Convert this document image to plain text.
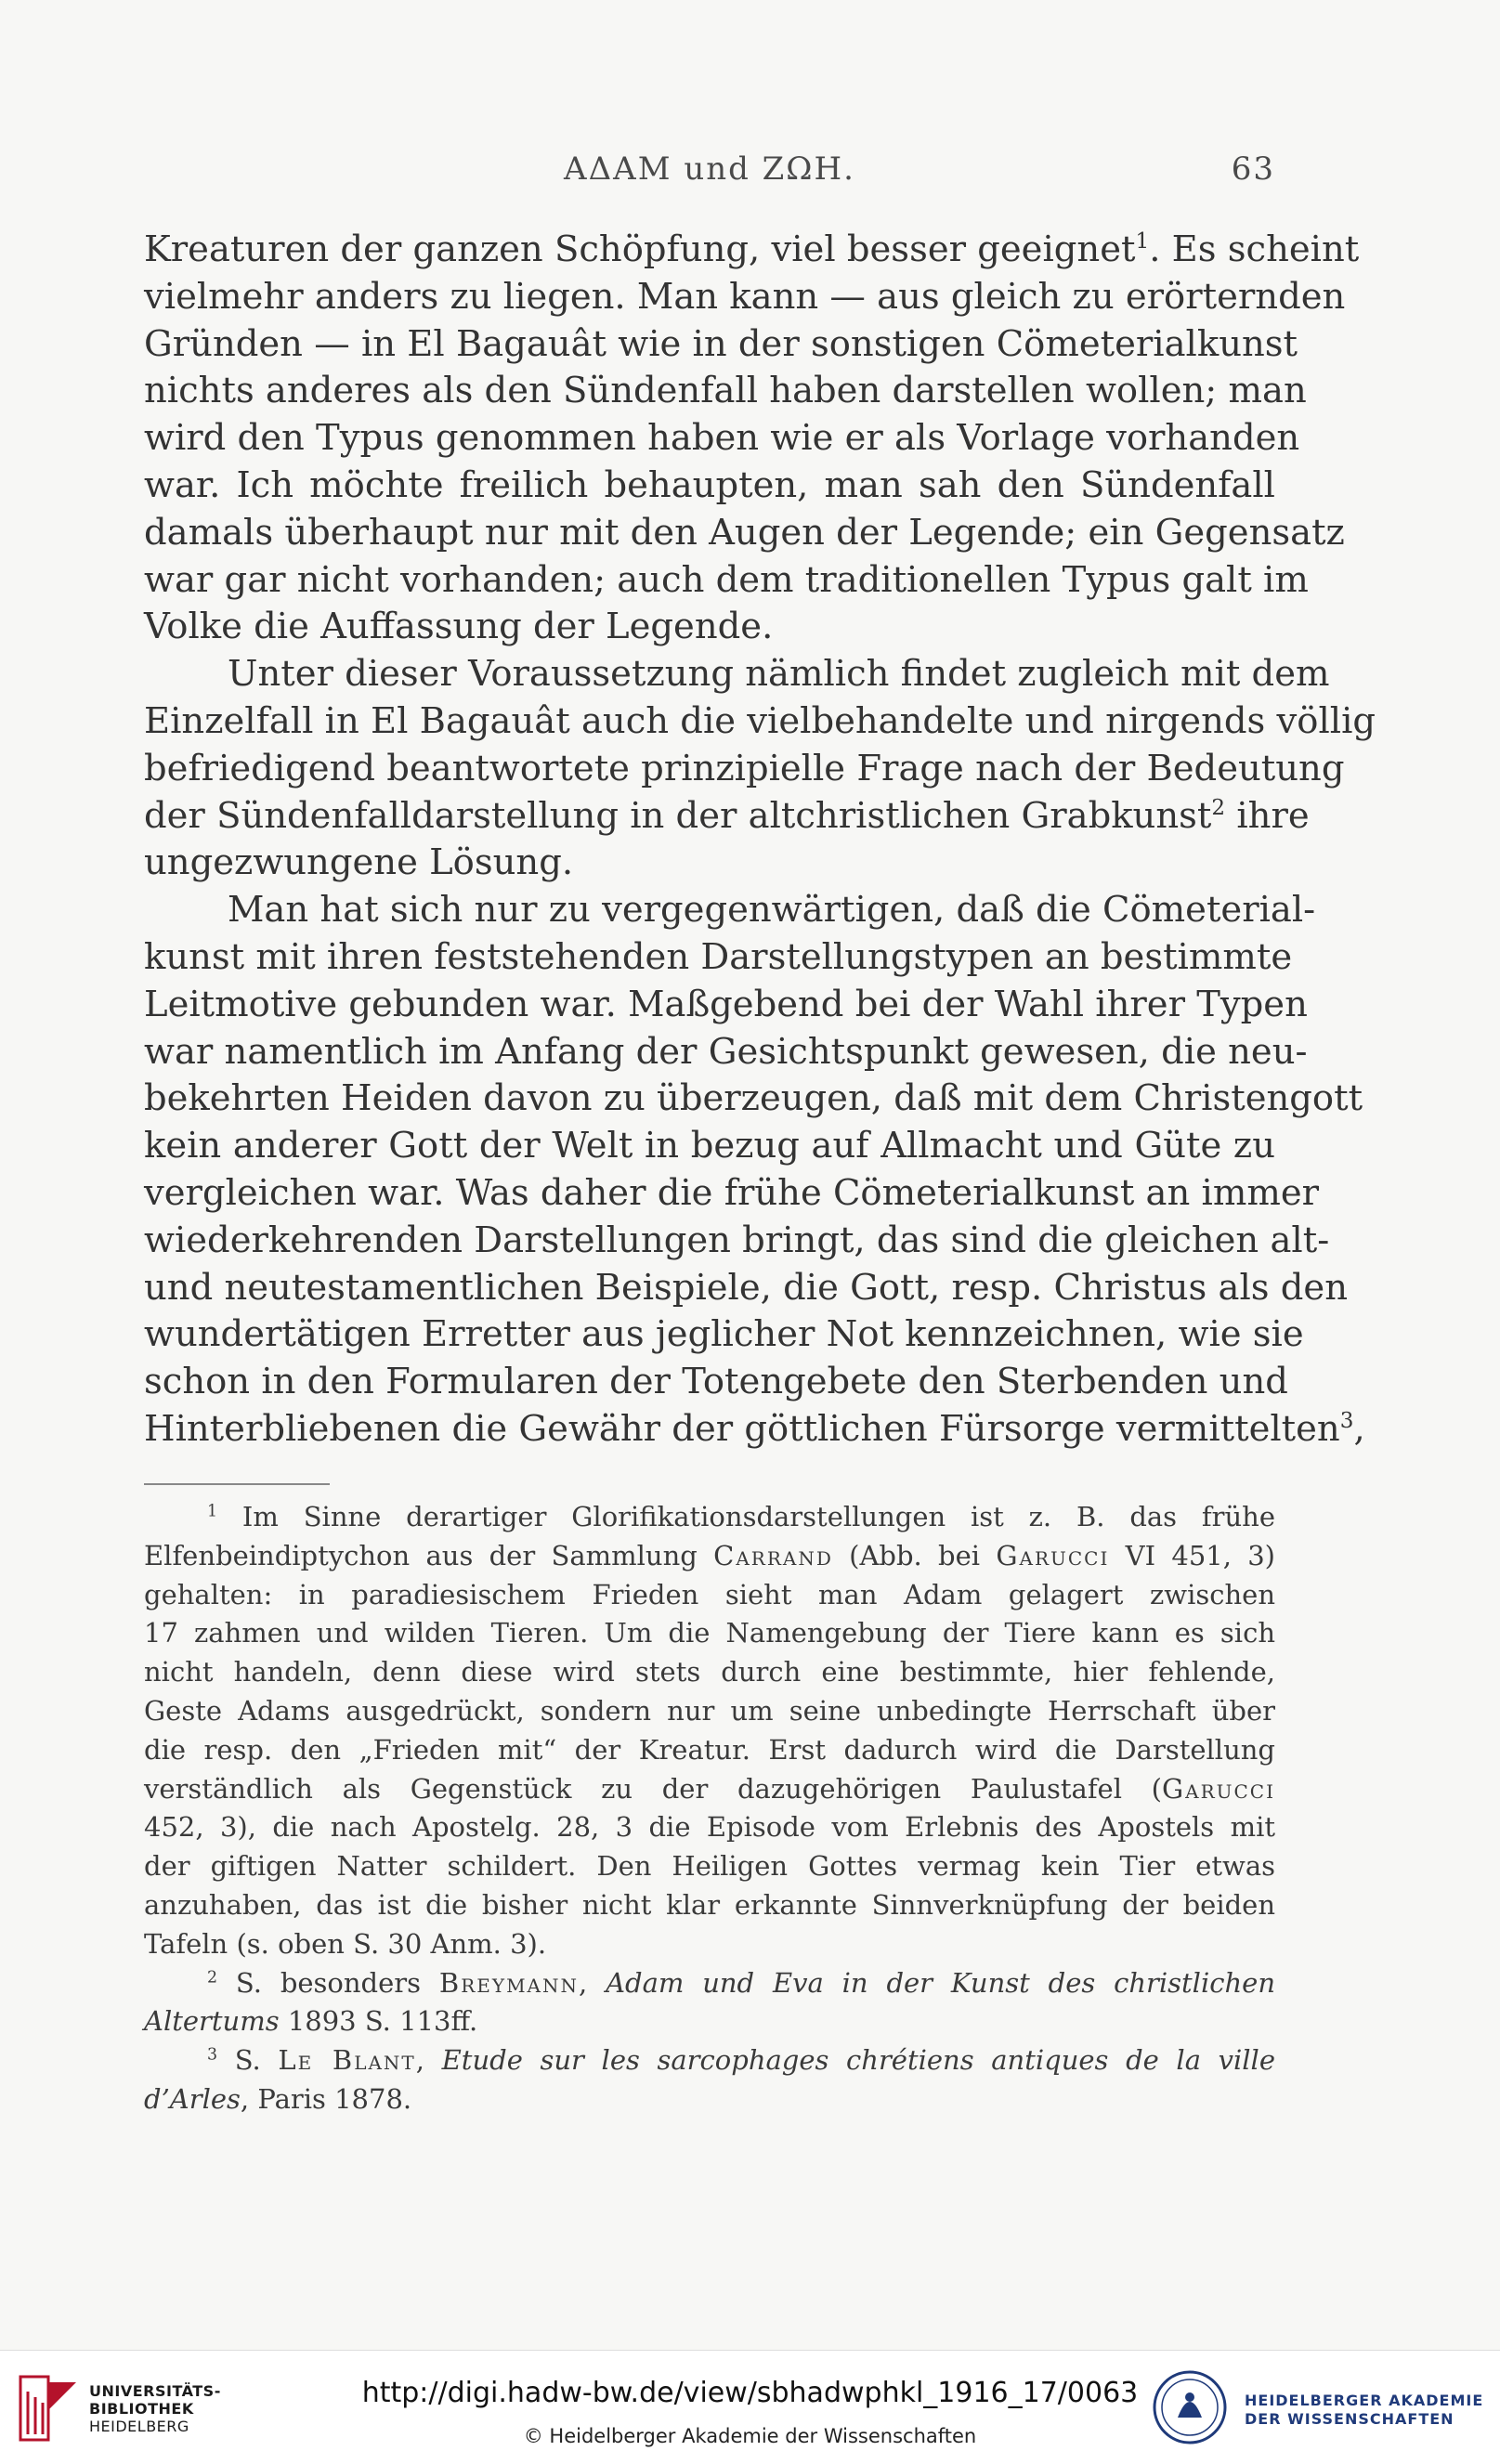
ΑΔΑΜ und ΖΩΗ.	63
Kreaturen der ganzen Schöpfung, viel besser geeignet$^1$. Es scheint
vielmehr anders zu liegen. Man kann — aus gleich zu erörternden
Gründen — in El Bagauât wie in der sonstigen Cömeterialkunst
nichts anderes als den Sündenfall haben darstellen wollen; man
wird den Typus genommen haben wie er als Vorlage vorhanden
war. Ich möchte freilich behaupten, man sah den Sündenfall
damals überhaupt nur mit den Augen der Legende; ein Gegensatz
war gar nicht vorhanden; auch dem traditionellen Typus galt im
Volke die Auffassung der Legende.
Unter dieser Voraussetzung nämlich findet zugleich mit dem
Einzelfall in El Bagauât auch die vielbehandelte und nirgends völlig
befriedigend beantwortete prinzipielle Frage nach der Bedeutung
der Sündenfalldarstellung in der altchristlichen Grabkunst$^2$ ihre
ungezwungene Lösung.
Man hat sich nur zu vergegenwärtigen, daß die Cömeterial-
kunst mit ihren feststehenden Darstellungstypen an bestimmte
Leitmotive gebunden war. Maßgebend bei der Wahl ihrer Typen
war namentlich im Anfang der Gesichtspunkt gewesen, die neu-
bekehrten Heiden davon zu überzeugen, daß mit dem Christengott
kein anderer Gott der Welt in bezug auf Allmacht und Güte zu
vergleichen war. Was daher die frühe Cömeterialkunst an immer
wiederkehrenden Darstellungen bringt, das sind die gleichen alt-
und neutestamentlichen Beispiele, die Gott, resp. Christus als den
wundertätigen Erretter aus jeglicher Not kennzeichnen, wie sie
schon in den Formularen der Totengebete den Sterbenden und
Hinterbliebenen die Gewähr der göttlichen Fürsorge vermittelten$^3$,
$^1$ Im Sinne derartiger Glorifikationsdarstellungen ist z. B. das frühe
Elfenbeindiptychon aus der Sammlung Carrand (Abb. bei Garucci VI 451, 3)
gehalten: in paradiesischem Frieden sieht man Adam gelagert zwischen
17 zahmen und wilden Tieren. Um die Namengebung der Tiere kann es sich
nicht handeln, denn diese wird stets durch eine bestimmte, hier fehlende,
Geste Adams ausgedrückt, sondern nur um seine unbedingte Herrschaft über
die resp. den „Frieden mit“ der Kreatur. Erst dadurch wird die Darstellung
verständlich als Gegenstück zu der dazugehörigen Paulustafel (Garucci
452, 3), die nach Apostelg. 28, 3 die Episode vom Erlebnis des Apostels mit
der giftigen Natter schildert. Den Heiligen Gottes vermag kein Tier etwas
anzuhaben, das ist die bisher nicht klar erkannte Sinnverknüpfung der beiden
Tafeln (s. oben S. 30 Anm. 3).
$^2$ S. besonders Breymann, Adam und Eva in der Kunst des christlichen
Altertums 1893 S. 113ff.
$^3$ S. Le Blant, Etude sur les sarcophages chrétiens antiques de la ville
d’Arles, Paris 1878.
UNIVERSITÄTS-
BIBLIOTHEK
HEIDELBERG
http://digi.hadw-bw.de/view/sbhadwphkl_1916_17/0063
© Heidelberger Akademie der Wissenschaften
HEIDELBERGER AKADEMIE
DER WISSENSCHAFTEN
